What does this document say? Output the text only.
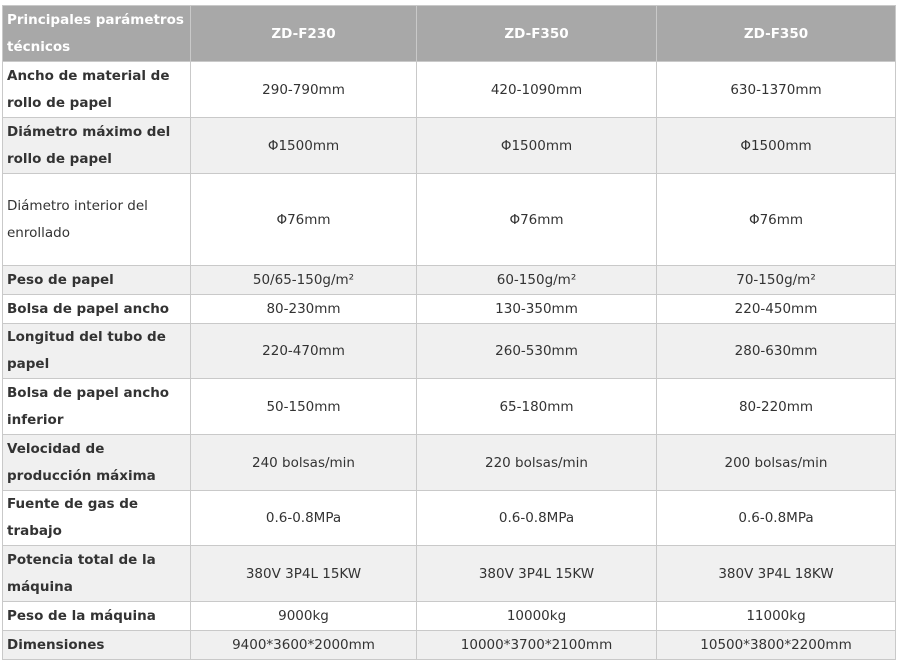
Principales parámetros técnicos	ZD-F230	ZD-F350	ZD-F350
Ancho de material de rollo de papel	290-790mm	420-1090mm	630-1370mm
Diámetro máximo del rollo de papel	Φ1500mm	Φ1500mm	Φ1500mm
Diámetro interior del enrollado	Φ76mm	Φ76mm	Φ76mm
Peso de papel	50/65-150g/m²	60-150g/m²	70-150g/m²
Bolsa de papel ancho	80-230mm	130-350mm	220-450mm
Longitud del tubo de papel	220-470mm	260-530mm	280-630mm
Bolsa de papel ancho inferior	50-150mm	65-180mm	80-220mm
Velocidad de producción máxima	240 bolsas/min	220 bolsas/min	200 bolsas/min
Fuente de gas de trabajo	0.6-0.8MPa	0.6-0.8MPa	0.6-0.8MPa
Potencia total de la máquina	380V 3P4L 15KW	380V 3P4L 15KW	380V 3P4L 18KW
Peso de la máquina	9000kg	10000kg	11000kg
Dimensiones	9400*3600*2000mm	10000*3700*2100mm	10500*3800*2200mm
